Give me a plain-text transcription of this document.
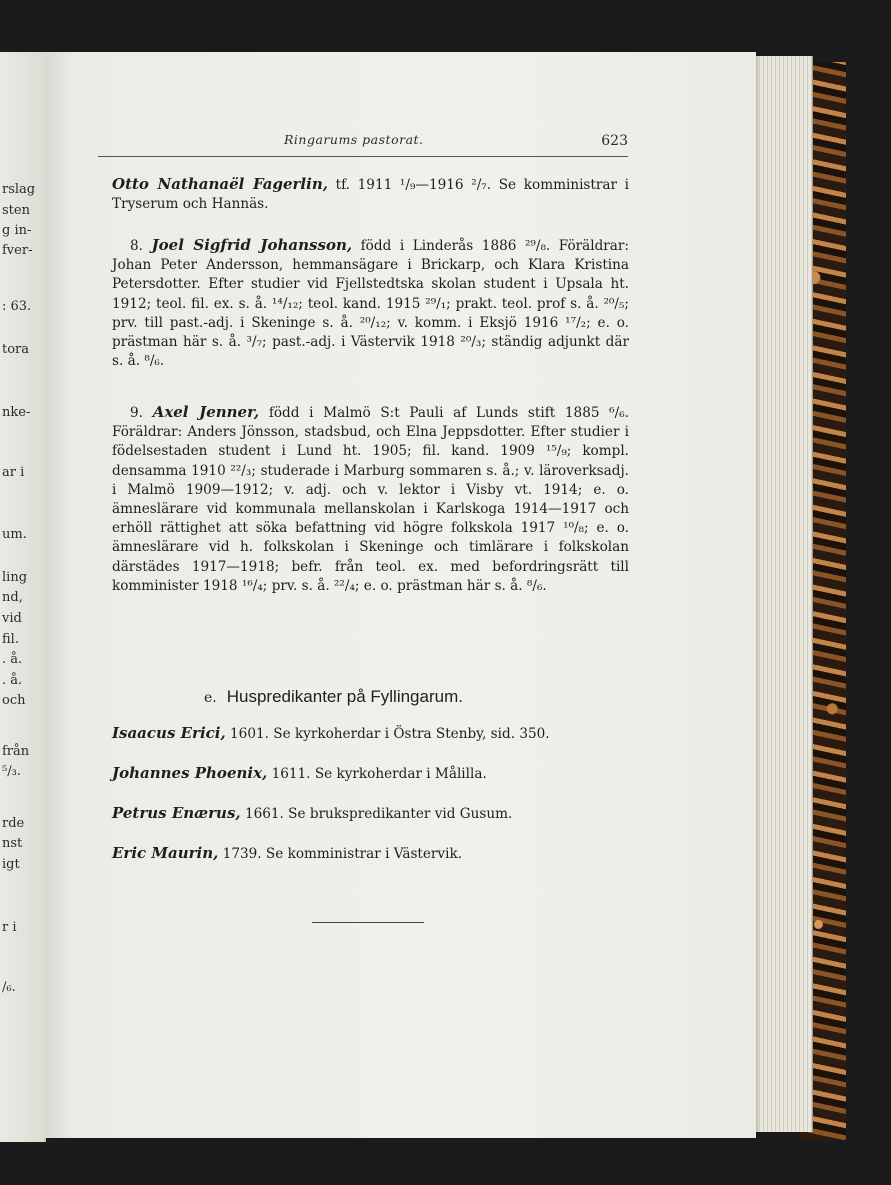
rslag
sten
g in-
fver-
: 63.
tora
nke-
ar i
um.
ling
nd,
vid
fil.
. å.
. å.
och
från
⁵/₃.
rde
nst
igt
r i
/₆.
Ringarums pastorat.	623
Otto Nathanaël Fagerlin, tf. 1911 ¹/₉—1916 ²/₇. Se komministrar i Tryserum och Hannäs.
8. Joel Sigfrid Johansson, född i Linderås 1886 ²⁹/₈. Föräldrar: Johan Peter Andersson, hemmansägare i Brickarp, och Klara Kristina Petersdotter. Efter studier vid Fjellstedtska skolan student i Upsala ht. 1912; teol. fil. ex. s. å. ¹⁴/₁₂; teol. kand. 1915 ²⁹/₁; prakt. teol. prof s. å. ²⁰/₅; prv. till past.-adj. i Skeninge s. å. ²⁰/₁₂; v. komm. i Eksjö 1916 ¹⁷/₂; e. o. prästman här s. å. ³/₇; past.-adj. i Västervik 1918 ²⁰/₃; ständig adjunkt där s. å. ⁸/₆.
9. Axel Jenner, född i Malmö S:t Pauli af Lunds stift 1885 ⁶/₆. Föräldrar: Anders Jönsson, stadsbud, och Elna Jeppsdotter. Efter studier i födelsestaden student i Lund ht. 1905; fil. kand. 1909 ¹⁵/₉; kompl. densamma 1910 ²²/₃; studerade i Marburg sommaren s. å.; v. läroverksadj. i Malmö 1909—1912; v. adj. och v. lektor i Visby vt. 1914; e. o. ämneslärare vid kommunala mellanskolan i Karlskoga 1914—1917 och erhöll rättighet att söka befattning vid högre folkskola 1917 ¹⁰/₈; e. o. ämneslärare vid h. folkskolan i Skeninge och timlärare i folkskolan därstädes 1917—1918; befr. från teol. ex. med befordringsrätt till komminister 1918 ¹⁶/₄; prv. s. å. ²²/₄; e. o. prästman här s. å. ⁸/₆.
e. Huspredikanter på Fyllingarum.
Isaacus Erici, 1601. Se kyrkoherdar i Östra Stenby, sid. 350.
Johannes Phoenix, 1611. Se kyrkoherdar i Målilla.
Petrus Enærus, 1661. Se brukspredikanter vid Gusum.
Eric Maurin, 1739. Se komministrar i Västervik.
